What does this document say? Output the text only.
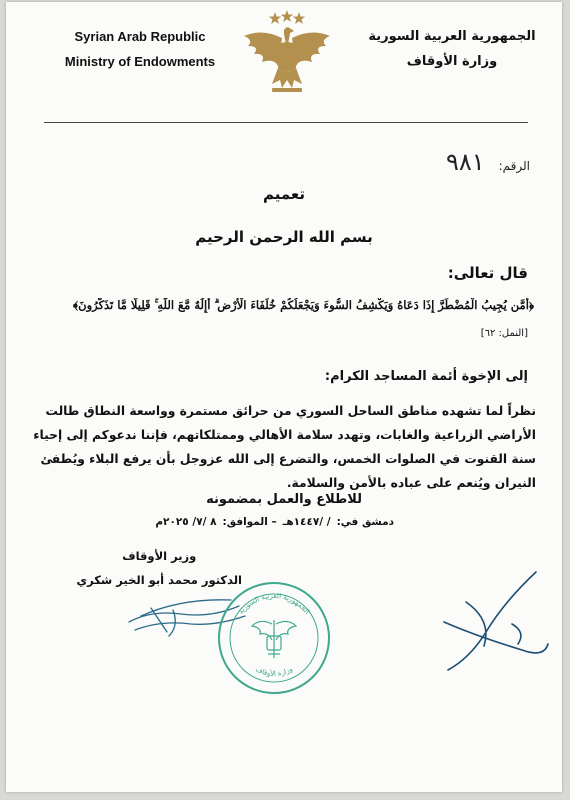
Syrian Arab Republic
Ministry of Endowments
الجمهورية العربية السورية
وزارة الأوقاف
الرقم:
٩٨١
تعميم
بسم الله الرحمن الرحيم
قال تعالى:
﴿أَمَّن يُجِيبُ الْمُضْطَرَّ إِذَا دَعَاهُ وَيَكْشِفُ السُّوءَ وَيَجْعَلُكُمْ خُلَفَاءَ الْأَرْضِ ۗ أَإِلَٰهٌ مَّعَ اللَّهِ ۚ قَلِيلًا مَّا تَذَكَّرُونَ﴾
[النمل: ٦٢]
إلى الإخوة أئمة المساجد الكرام:
نظراً لما تشهده مناطق الساحل السوري من حرائق مستمرة وواسعة النطاق طالت الأراضي الزراعية والغابات، وتهدد سلامة الأهالي وممتلكاتهم، فإننا ندعوكم إلى إحياء سنة القنوت في الصلوات الخمس، والتضرع إلى الله عزوجل بأن يرفع البلاء ويُطفئ النيران ويُنعم على عباده بالأمن والسلامة.
للاطلاع والعمل بمضمونه
دمشق في:
/ /١٤٤٧هـ
– الموافق:
٨ /٧/ ٢٠٢٥م
وزير الأوقاف
الدكتور محمد أبو الخير شكري
الجمهورية العربية السورية
وزارة الأوقاف
